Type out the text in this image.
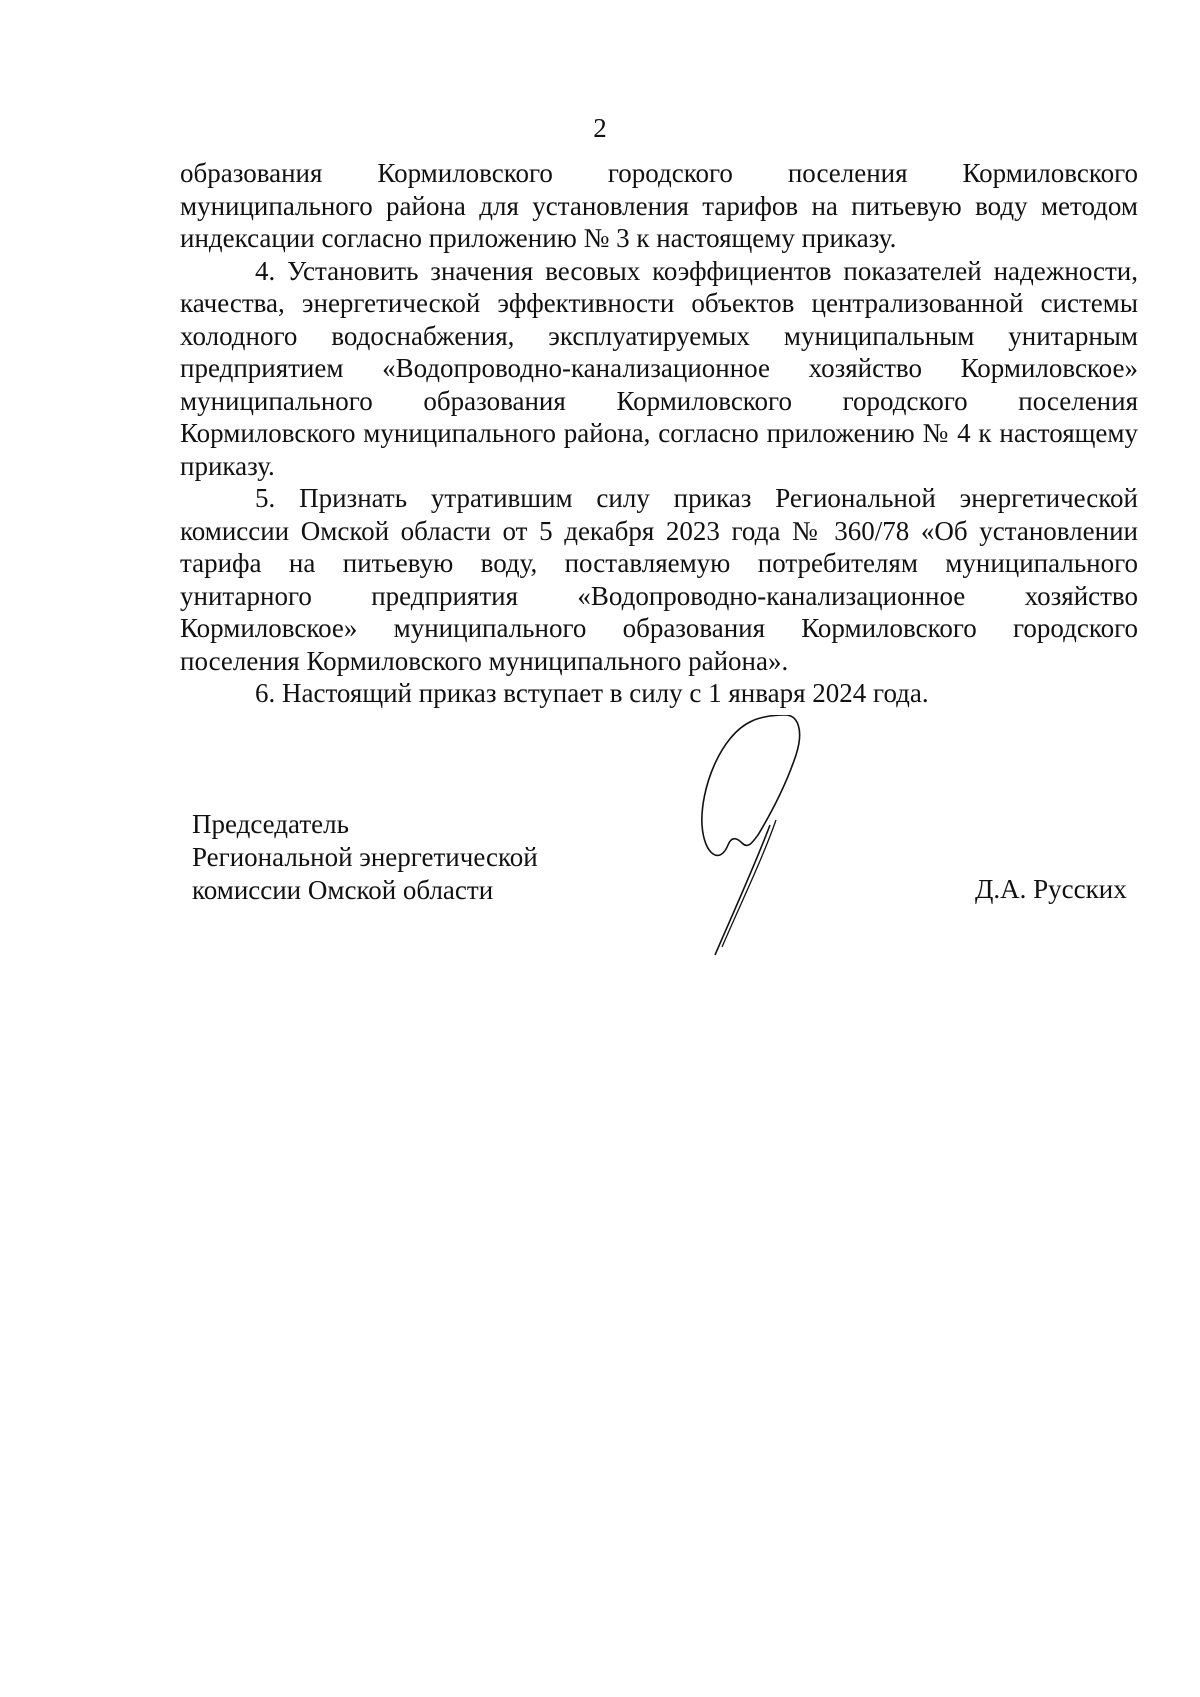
2

образования Кормиловского городского поселения Кормиловского муниципального района для установления тарифов на питьевую воду методом индексации согласно приложению № 3 к настоящему приказу.

4. Установить значения весовых коэффициентов показателей надежности, качества, энергетической эффективности объектов централизованной системы холодного водоснабжения, эксплуатируемых муниципальным унитарным предприятием «Водопроводно-канализационное хозяйство Кормиловское» муниципального образования Кормиловского городского поселения Кормиловского муниципального района, согласно приложению № 4 к настоящему приказу.

5. Признать утратившим силу приказ Региональной энергетической комиссии Омской области от 5 декабря 2023 года № 360/78 «Об установлении тарифа на питьевую воду, поставляемую потребителям муниципального унитарного предприятия «Водопроводно-канализационное хозяйство Кормиловское» муниципального образования Кормиловского городского поселения Кормиловского муниципального района».

6. Настоящий приказ вступает в силу с 1 января 2024 года.

Председатель
Региональной энергетической
комиссии Омской области	Д.А. Русских
